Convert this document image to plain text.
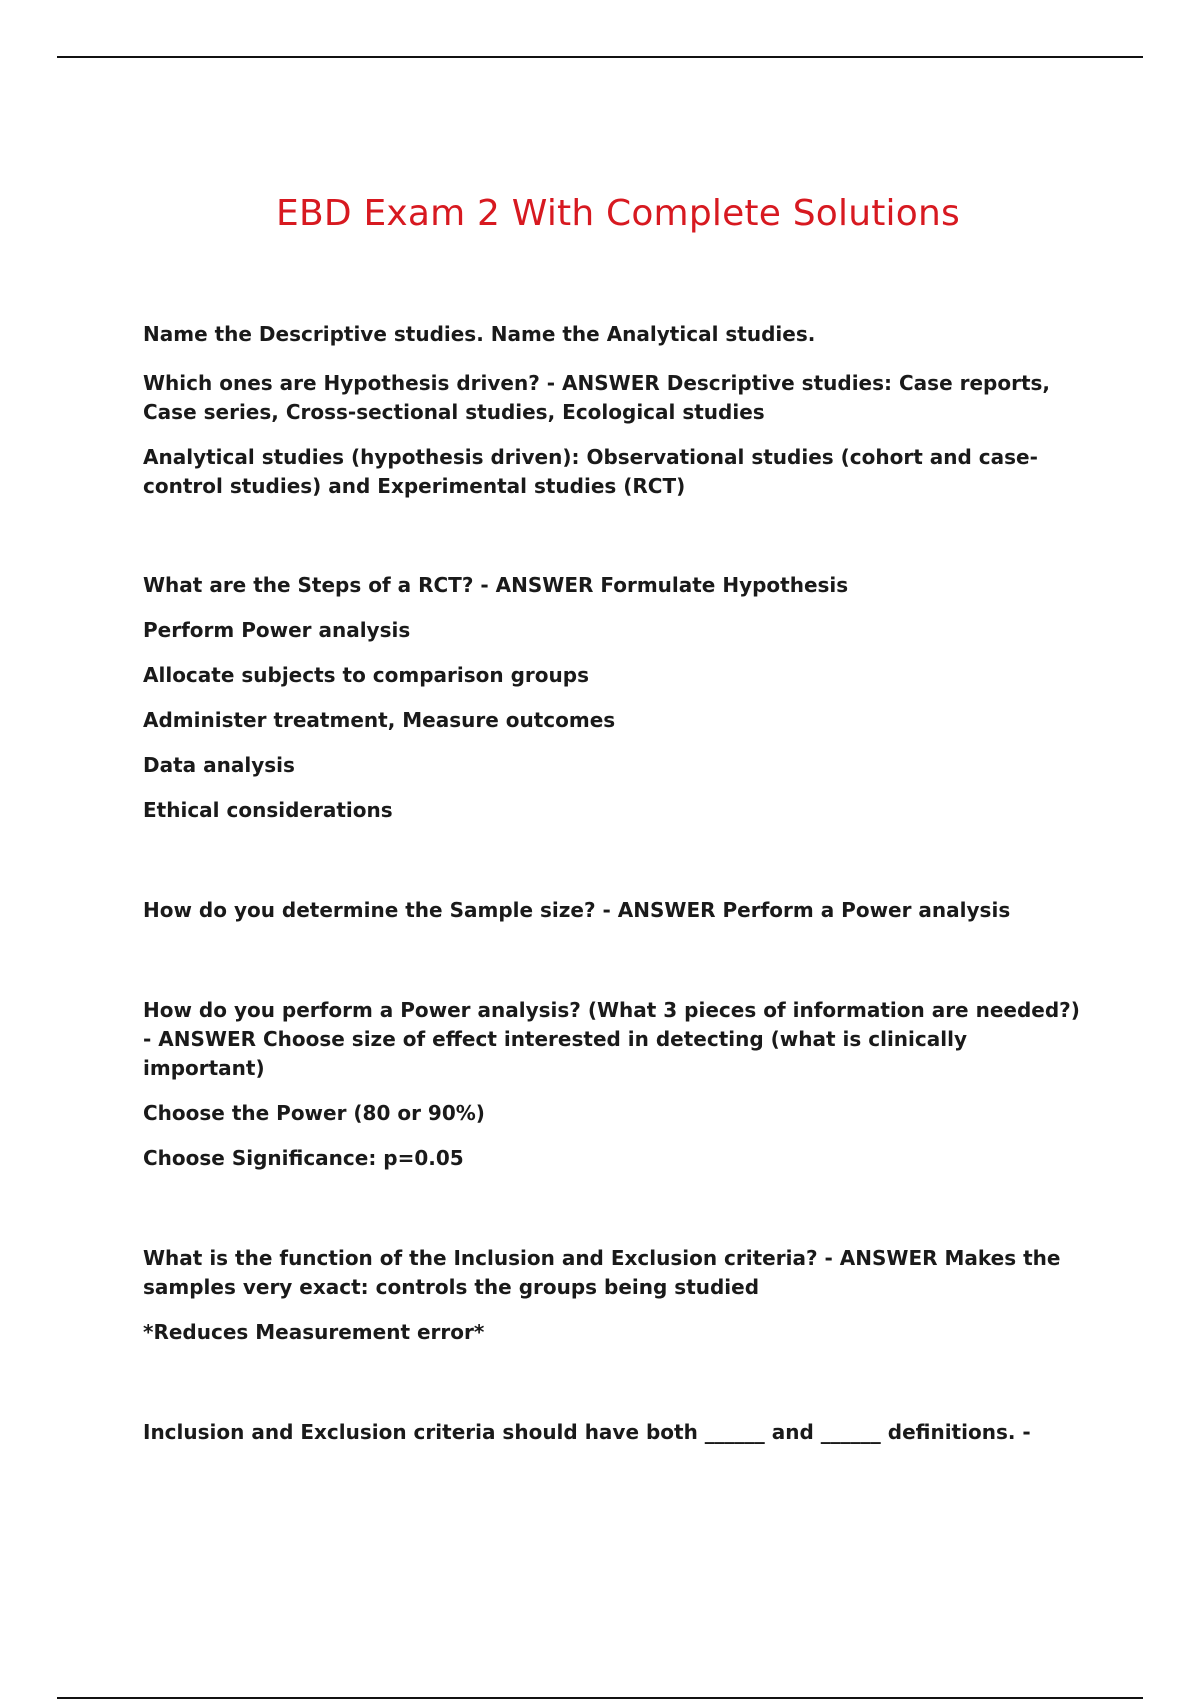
EBD Exam 2 With Complete Solutions

Name the Descriptive studies. Name the Analytical studies.

Which ones are Hypothesis driven? - ANSWER Descriptive studies: Case reports, Case series, Cross-sectional studies, Ecological studies

Analytical studies (hypothesis driven): Observational studies (cohort and case-control studies) and Experimental studies (RCT)

What are the Steps of a RCT? - ANSWER Formulate Hypothesis

Perform Power analysis

Allocate subjects to comparison groups

Administer treatment, Measure outcomes

Data analysis

Ethical considerations

How do you determine the Sample size? - ANSWER Perform a Power analysis

How do you perform a Power analysis? (What 3 pieces of information are needed?) - ANSWER Choose size of effect interested in detecting (what is clinically important)

Choose the Power (80 or 90%)

Choose Significance: p=0.05

What is the function of the Inclusion and Exclusion criteria? - ANSWER Makes the samples very exact: controls the groups being studied

*Reduces Measurement error*

Inclusion and Exclusion criteria should have both ______ and ______ definitions. -
